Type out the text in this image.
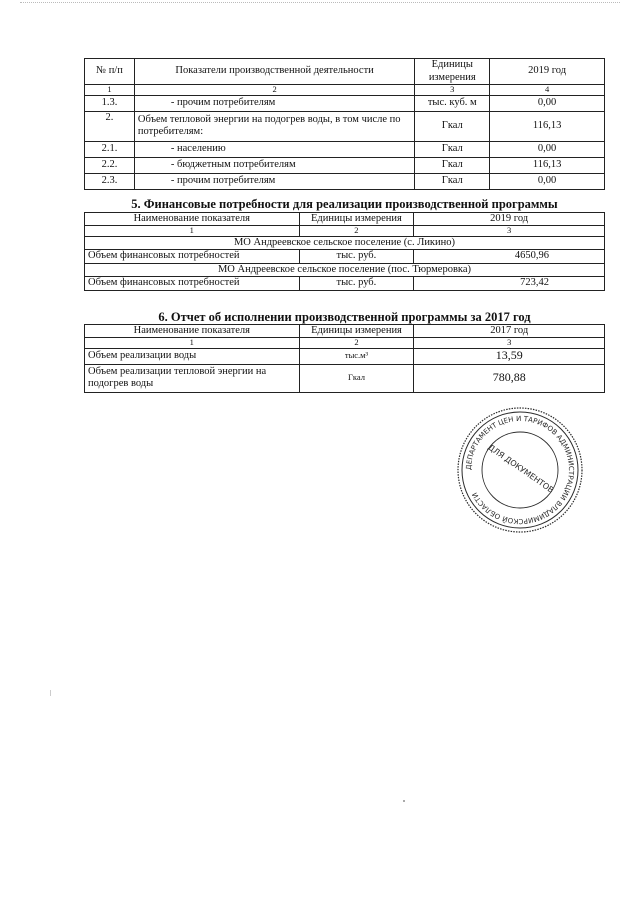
№ п/п	Показатели производственной деятельности	Единицы измерения	2019 год
1	2	3	4
1.3.	- прочим потребителям	тыс. куб. м	0,00
2.	Объем тепловой энергии на подогрев воды, в том числе по потребителям:	Гкал	116,13
2.1.	- населению	Гкал	0,00
2.2.	- бюджетным потребителям	Гкал	116,13
2.3.	- прочим потребителям	Гкал	0,00
5. Финансовые потребности для реализации производственной программы
Наименование показателя	Единицы измерения	2019 год
1	2	3
МО Андреевское сельское поселение (с. Ликино)		
Объем финансовых потребностей	тыс. руб.	4650,96
МО Андреевское сельское поселение (пос. Тюрмеровка)		
Объем финансовых потребностей	тыс. руб.	723,42
6. Отчет об исполнении производственной программы за 2017 год
Наименование показателя	Единицы измерения	2017 год
1	2	3
Объем реализации воды	тыс.м³	13,59
Объем реализации тепловой энергии на подогрев воды	Гкал	780,88
ДЕПАРТАМЕНТ ЦЕН И ТАРИФОВ АДМИНИСТРАЦИИ ВЛАДИМИРСКОЙ ОБЛАСТИ
ДЛЯ ДОКУМЕНТОВ
